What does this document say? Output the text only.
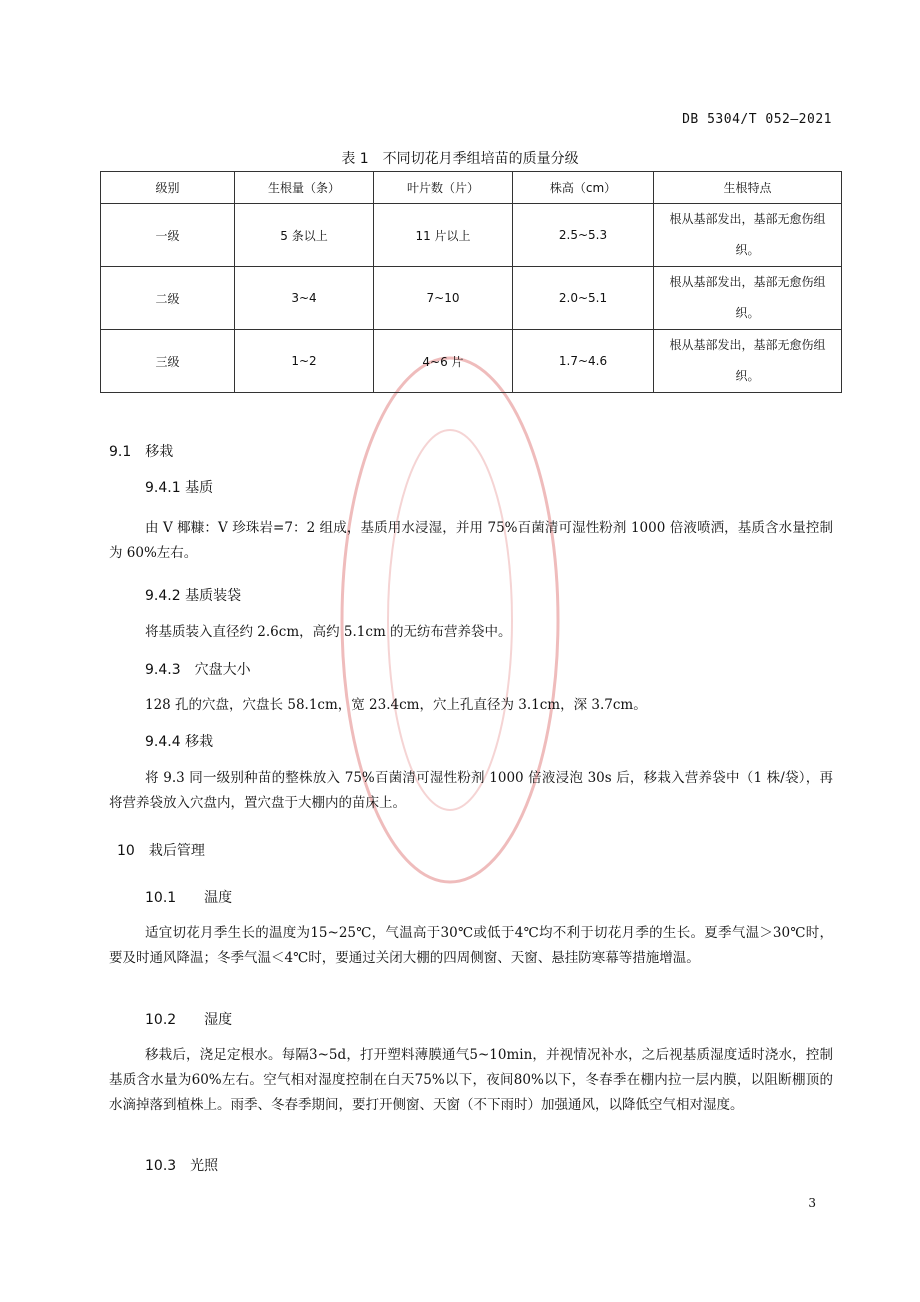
DB 5304/T 052—2021
表 1　不同切花月季组培苗的质量分级
级别	生根量（条）	叶片数（片）	株高（cm）	生根特点
一级	5 条以上	11 片以上	2.5~5.3	根从基部发出，基部无愈伤组织。
二级	3~4	7~10	2.0~5.1	根从基部发出，基部无愈伤组织。
三级	1~2	4~6 片	1.7~4.6	根从基部发出，基部无愈伤组织。
9.1　移栽
9.4.1 基质
由 V 椰糠：V 珍珠岩=7：2 组成，基质用水浸湿，并用 75%百菌清可湿性粉剂 1000 倍液喷洒，基质含水量控制为 60%左右。
9.4.2 基质装袋
将基质装入直径约 2.6cm，高约 5.1cm 的无纺布营养袋中。
9.4.3　穴盘大小
128 孔的穴盘，穴盘长 58.1cm，宽 23.4cm，穴上孔直径为 3.1cm，深 3.7cm。
9.4.4 移栽
将 9.3 同一级别种苗的整株放入 75%百菌清可湿性粉剂 1000 倍液浸泡 30s 后，移栽入营养袋中（1 株/袋），再将营养袋放入穴盘内，置穴盘于大棚内的苗床上。
10　栽后管理
10.1　　温度
适宜切花月季生长的温度为15~25℃，气温高于30℃或低于4℃均不利于切花月季的生长。夏季气温＞30℃时，要及时通风降温；冬季气温＜4℃时，要通过关闭大棚的四周侧窗、天窗、悬挂防寒幕等措施增温。
10.2　　湿度
移栽后，浇足定根水。每隔3~5d，打开塑料薄膜通气5~10min，并视情况补水，之后视基质湿度适时浇水，控制基质含水量为60%左右。空气相对湿度控制在白天75%以下，夜间80%以下，冬春季在棚内拉一层内膜，以阻断棚顶的水滴掉落到植株上。雨季、冬春季期间，要打开侧窗、天窗（不下雨时）加强通风，以降低空气相对湿度。
10.3　光照
3
